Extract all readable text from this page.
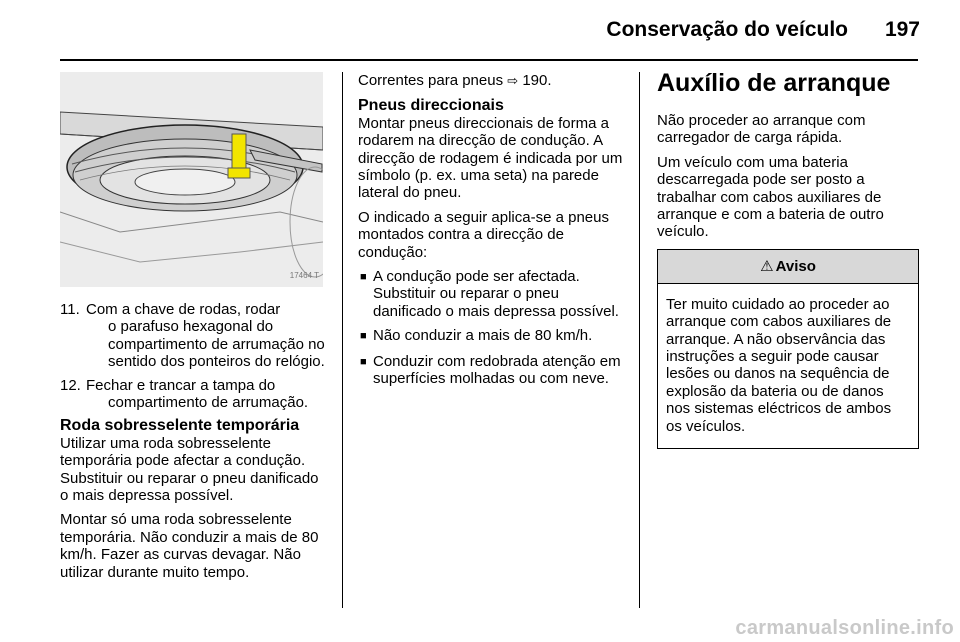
Conservação do veículo 197
17464 T
11. Com a chave de rodas, rodar
o parafuso hexagonal do compartimento de arrumação no sentido dos ponteiros do relógio.
12. Fechar e trancar a tampa do
compartimento de arrumação.

Roda sobresselente temporária

Utilizar uma roda sobresselente temporária pode afectar a condução. Substituir ou reparar o pneu danificado o mais depressa possível.

Montar só uma roda sobresselente temporária. Não conduzir a mais de 80 km/h. Fazer as curvas devagar. Não utilizar durante muito tempo.

Correntes para pneus ⇨ 190.

Pneus direccionais

Montar pneus direccionais de forma a rodarem na direcção de condução. A direcção de rodagem é indicada por um símbolo (p. ex. uma seta) na parede lateral do pneu.

O indicado a seguir aplica-se a pneus montados contra a direcção de condução:

■ A condução pode ser afectada. Substituir ou reparar o pneu danificado o mais depressa possível.
■ Não conduzir a mais de 80 km/h.
■ Conduzir com redobrada atenção em superfícies molhadas ou com neve.
Auxílio de arranque

Não proceder ao arranque com carregador de carga rápida.

Um veículo com uma bateria descarregada pode ser posto a trabalhar com cabos auxiliares de arranque e com a bateria de outro veículo.

⚠ Aviso
Ter muito cuidado ao proceder ao arranque com cabos auxiliares de arranque. A não observância das instruções a seguir pode causar lesões ou danos na sequência de explosão da bateria ou de danos nos sistemas eléctricos de ambos os veículos.
carmanualsonline.info
